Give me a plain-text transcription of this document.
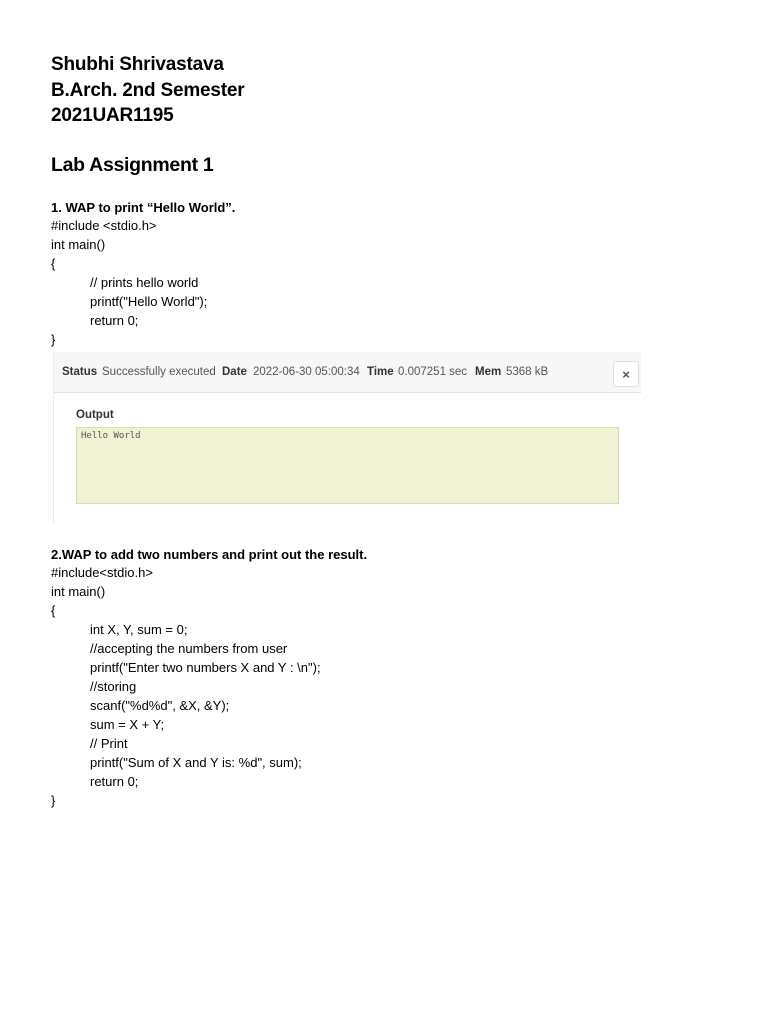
Shubhi Shrivastava
B.Arch. 2nd Semester
2021UAR1195
Lab Assignment 1
1. WAP to print “Hello World”.
#include <stdio.h>
int main()
{
// prints hello world
printf("Hello World");
return 0;
}
Status Successfully executed Date 2022-06-30 05:00:34 Time 0.007251 sec Mem 5368 kB	×
Output
Hello World
2.WAP to add two numbers and print out the result.
#include<stdio.h>
int main()
{
int X, Y, sum = 0;
//accepting the numbers from user
printf("Enter two numbers X and Y : \n");
//storing
scanf("%d%d", &X, &Y);
sum = X + Y;
// Print
printf("Sum of X and Y is: %d", sum);
return 0;
}
